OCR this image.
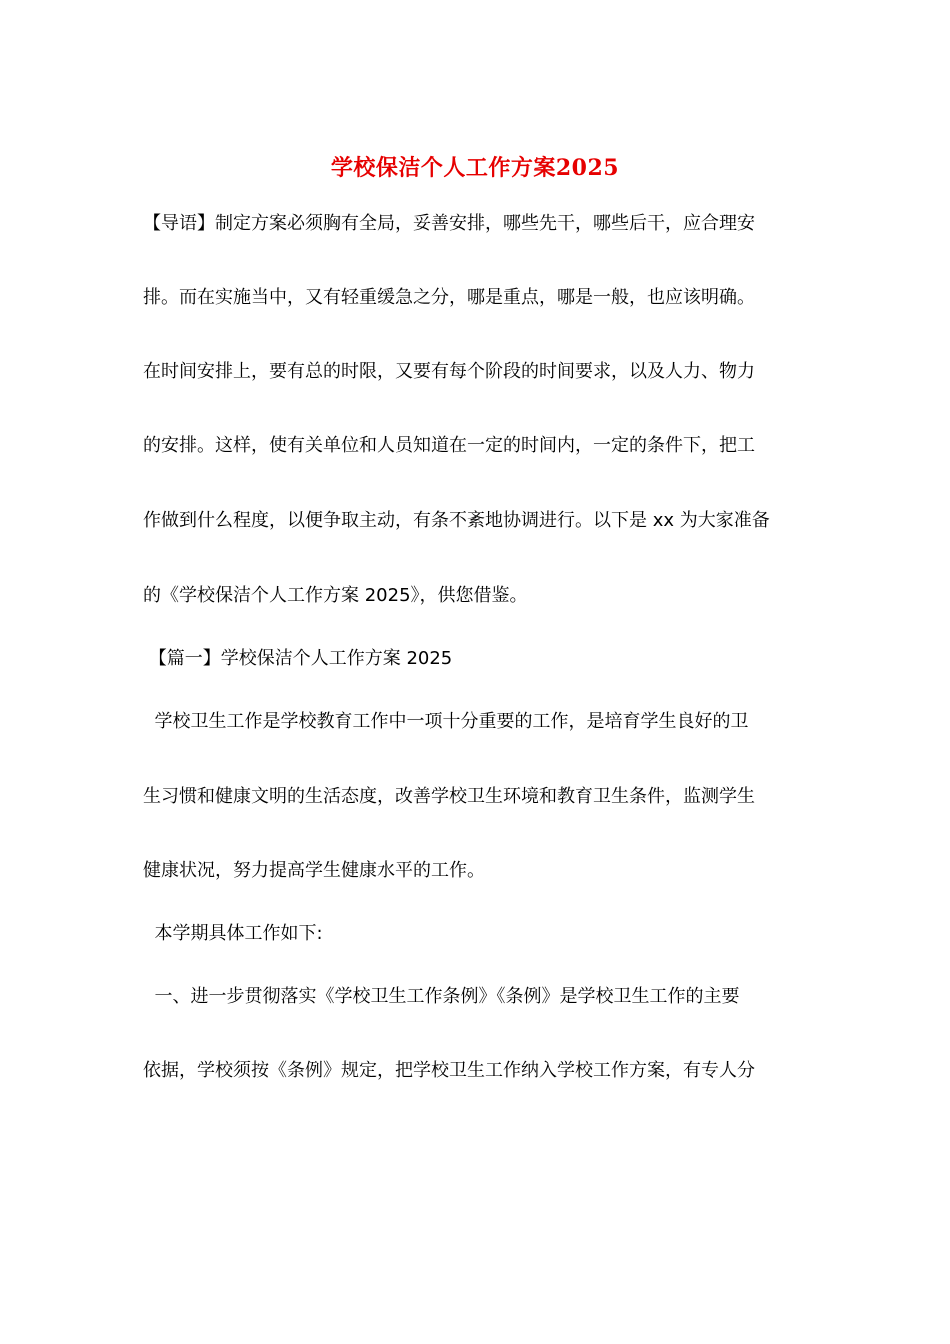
学校保洁个人工作方案2025
【导语】制定方案必须胸有全局，妥善安排，哪些先干，哪些后干，应合理安
排。而在实施当中，又有轻重缓急之分，哪是重点，哪是一般，也应该明确。
在时间安排上，要有总的时限，又要有每个阶段的时间要求，以及人力、物力
的安排。这样，使有关单位和人员知道在一定的时间内，一定的条件下，把工
作做到什么程度，以便争取主动，有条不紊地协调进行。以下是 xx 为大家准备
的《学校保洁个人工作方案 2025》，供您借鉴。
【篇一】学校保洁个人工作方案 2025
学校卫生工作是学校教育工作中一项十分重要的工作，是培育学生良好的卫
生习惯和健康文明的生活态度，改善学校卫生环境和教育卫生条件，监测学生
健康状况，努力提高学生健康水平的工作。
本学期具体工作如下:
一、进一步贯彻落实《学校卫生工作条例》《条例》是学校卫生工作的主要
依据，学校须按《条例》规定，把学校卫生工作纳入学校工作方案，有专人分
